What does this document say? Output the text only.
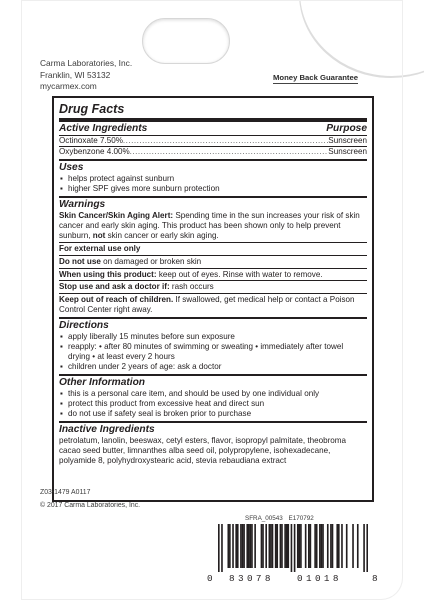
Carma Laboratories, Inc.
Franklin, WI 53132
mycarmex.com
Money Back Guarantee
Drug Facts
Active Ingredients	Purpose
Octinoxate 7.50% .....	Sunscreen
Oxybenzone 4.00% .....	Sunscreen
Uses
▪ helps protect against sunburn
▪ higher SPF gives more sunburn protection
Warnings
Skin Cancer/Skin Aging Alert: Spending time in the sun increases your risk of skin cancer and early skin aging. This product has been shown only to help prevent sunburn, not skin cancer or early skin aging.
For external use only
Do not use on damaged or broken skin
When using this product: keep out of eyes. Rinse with water to remove.
Stop use and ask a doctor if: rash occurs
Keep out of reach of children. If swallowed, get medical help or contact a Poison Control Center right away.
Directions
▪ apply liberally 15 minutes before sun exposure
▪ reapply: • after 80 minutes of swimming or sweating • immediately after towel drying • at least every 2 hours
▪ children under 2 years of age: ask a doctor
Other Information
▪ this is a personal care item, and should be used by one individual only
▪ protect this product from excessive heat and direct sun
▪ do not use if safety seal is broken prior to purchase
Inactive Ingredients
petrolatum, lanolin, beeswax, cetyl esters, flavor, isopropyl palmitate, theobroma cacao seed butter, limnanthes alba seed oil, polypropylene, isohexadecane, polyamide 8, polyhydroxystearic acid, stevia rebaudiana extract
Z03-1479 A0117
© 2017 Carma Laboratories, Inc.
SFRA_00543 E170792
0 83078 01018	8
